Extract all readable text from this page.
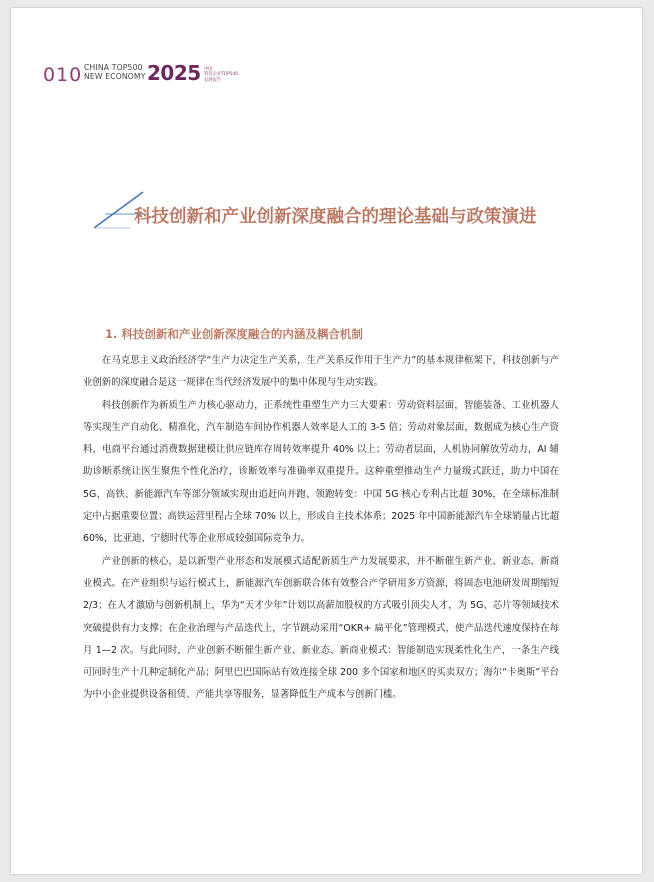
010 CHINA TOP500
NEW ECONOMY 2025 中国
科技企业TOP500
发展报告
科技创新和产业创新深度融合的理论基础与政策演进
1. 科技创新和产业创新深度融合的内涵及耦合机制

在马克思主义政治经济学“生产力决定生产关系，生产关系反作用于生产力”的基本规律框架下，科技创新与产业创新的深度融合是这一规律在当代经济发展中的集中体现与生动实践。

科技创新作为新质生产力核心驱动力，正系统性重塑生产力三大要素：劳动资料层面，智能装备、工业机器人等实现生产自动化、精准化，汽车制造车间协作机器人效率是人工的 3-5 倍；劳动对象层面，数据成为核心生产资料，电商平台通过消费数据建模让供应链库存周转效率提升 40% 以上；劳动者层面，人机协同解放劳动力，AI 辅助诊断系统让医生聚焦个性化治疗，诊断效率与准确率双重提升。这种重塑推动生产力量级式跃迁，助力中国在 5G、高铁、新能源汽车等部分领域实现由追赶向并跑、领跑转变：中国 5G 核心专利占比超 30%，在全球标准制定中占据重要位置；高铁运营里程占全球 70% 以上，形成自主技术体系；2025 年中国新能源汽车全球销量占比超 60%，比亚迪、宁德时代等企业形成较强国际竞争力。

产业创新的核心，是以新型产业形态和发展模式适配新质生产力发展要求，并不断催生新产业、新业态、新商业模式。在产业组织与运行模式上，新能源汽车创新联合体有效整合产学研用多方资源，将固态电池研发周期缩短 2/3；在人才激励与创新机制上，华为“天才少年”计划以高薪加股权的方式吸引顶尖人才，为 5G、芯片等领域技术突破提供有力支撑；在企业治理与产品迭代上，字节跳动采用“OKR+ 扁平化”管理模式，使产品迭代速度保持在每月 1—2 次。与此同时，产业创新不断催生新产业、新业态、新商业模式：智能制造实现柔性化生产，一条生产线可同时生产十几种定制化产品；阿里巴巴国际站有效连接全球 200 多个国家和地区的买卖双方；海尔“卡奥斯”平台为中小企业提供设备租赁、产能共享等服务，显著降低生产成本与创新门槛。
